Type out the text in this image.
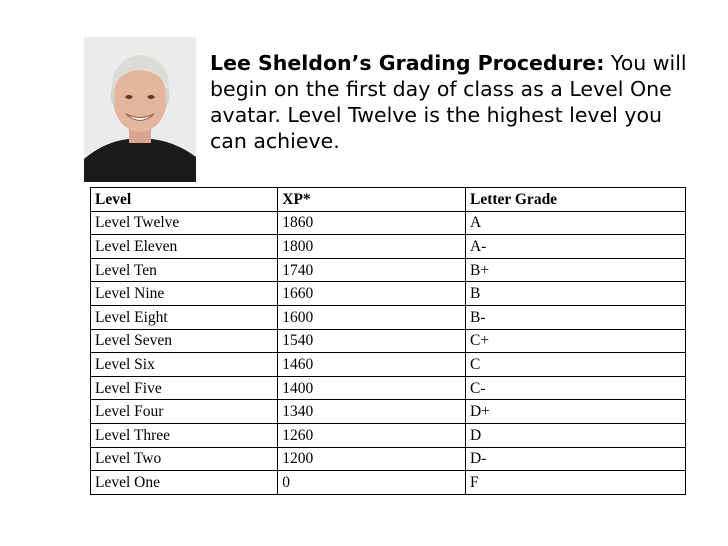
Lee Sheldon’s Grading Procedure: You will begin on the first day of class as a Level One avatar. Level Twelve is the highest level you can achieve.
Level	XP*	Letter Grade
Level Twelve	1860	A
Level Eleven	1800	A-
Level Ten	1740	B+
Level Nine	1660	B
Level Eight	1600	B-
Level Seven	1540	C+
Level Six	1460	C
Level Five	1400	C-
Level Four	1340	D+
Level Three	1260	D
Level Two	1200	D-
Level One	0	F
